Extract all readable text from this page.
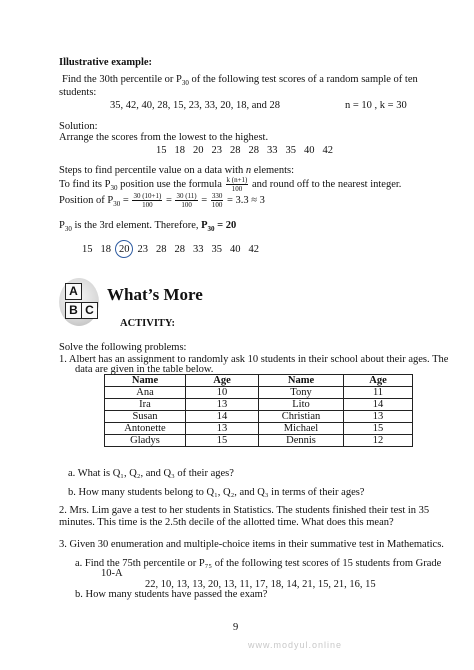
Illustrative example:
Find the 30th percentile or $P_{30}$ of the following test scores of a random sample of ten
students:
35, 42, 40, 28, 15, 23, 33, 20, 18, and 28	n = 10 , k = 30
Solution:
Arrange the scores from the lowest to the highest.
15 18 20 23 28 28 33 35 40 42
Steps to find percentile value on a data with n elements:
To find its $P_{30}$ position use the formula $\frac{k (n+1)}{100}$ and round off to the nearest integer.
Position of $P_{30} = \frac{30 (10+1)}{100} = \frac{30 (11)}{100} = \frac{330}{100} = 3.3 \approx 3$
$P_{30}$ is the 3rd element. Therefore, $P_{30} = 20$
15 18 20 23 28 28 33 35 40 42
A
B C
What’s More
ACTIVITY:
Solve the following problems:
1. Albert has an assignment to randomly ask 10 students in their school about their ages. The
data are given in the table below.
Name	Age	Name	Age
Ana	10	Tony	11
Ira	13	Lito	14
Susan	14	Christian	13
Antonette	13	Michael	15
Gladys	15	Dennis	12
a. What is Q₁, Q₂, and Q₃ of their ages?
b. How many students belong to Q₁, Q₂, and Q₃ in terms of their ages?
2. Mrs. Lim gave a test to her students in Statistics. The students finished their test in 35
minutes. This time is the 2.5th decile of the allotted time. What does this mean?
3. Given 30 enumeration and multiple-choice items in their summative test in Mathematics.
a. Find the 75th percentile or P₇₅ of the following test scores of 15 students from Grade
10-A
22, 10, 13, 13, 20, 13, 11, 17, 18, 14, 21, 15, 21, 16, 15
b. How many students have passed the exam?
9
www.modyul.online
